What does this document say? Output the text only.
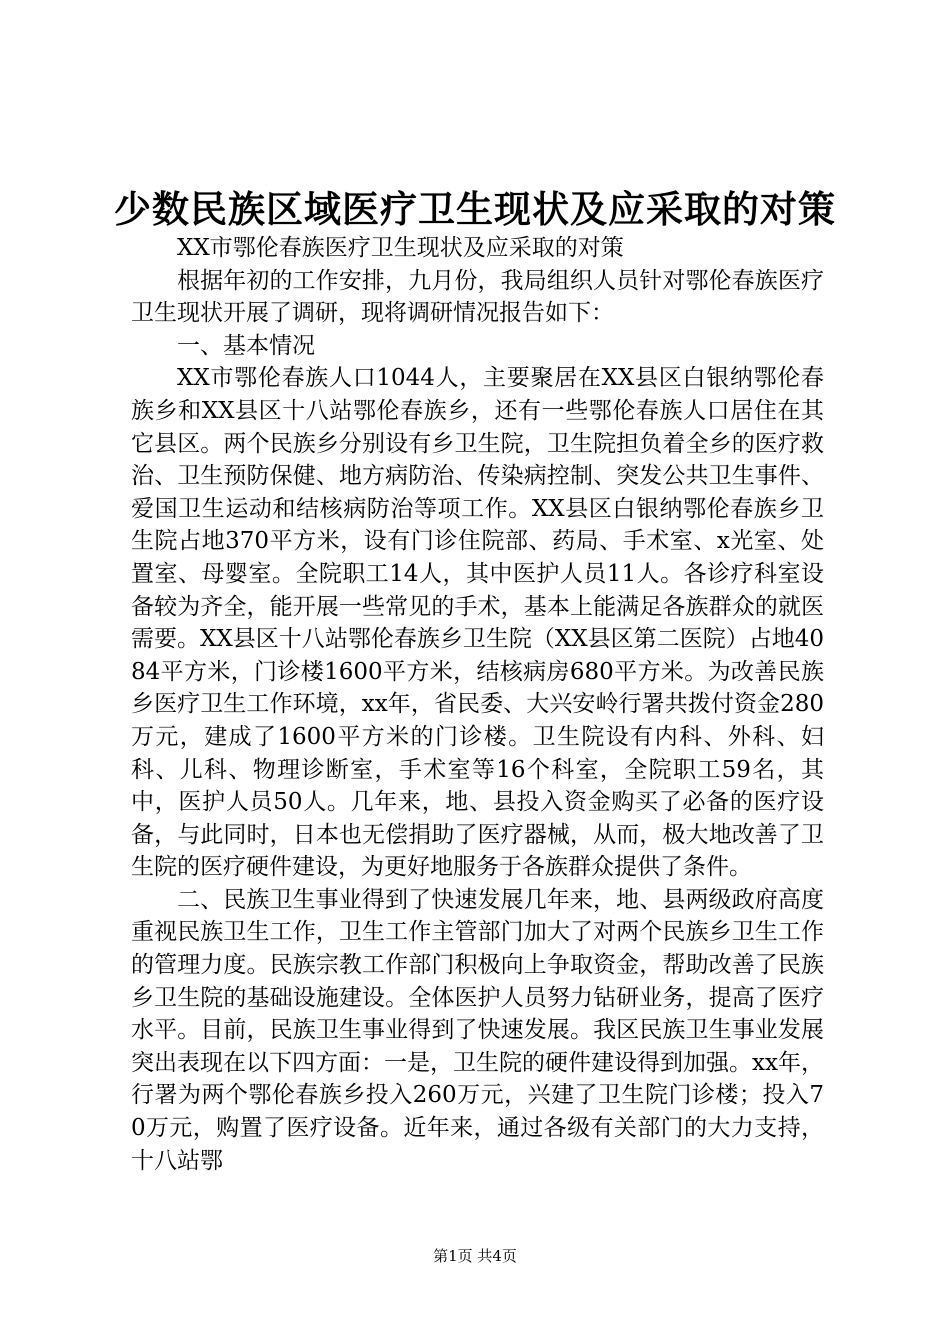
少数民族区域医疗卫生现状及应采取的对策

XX市鄂伦春族医疗卫生现状及应采取的对策

根据年初的工作安排，九月份，我局组织人员针对鄂伦春族医疗卫生现状开展了调研，现将调研情况报告如下：

一、基本情况

XX市鄂伦春族人口1044人，主要聚居在XX县区白银纳鄂伦春族乡和XX县区十八站鄂伦春族乡，还有一些鄂伦春族人口居住在其它县区。两个民族乡分别设有乡卫生院，卫生院担负着全乡的医疗救治、卫生预防保健、地方病防治、传染病控制、突发公共卫生事件、爱国卫生运动和结核病防治等项工作。XX县区白银纳鄂伦春族乡卫生院占地370平方米，设有门诊住院部、药局、手术室、x光室、处置室、母婴室。全院职工14人，其中医护人员11人。各诊疗科室设备较为齐全，能开展一些常见的手术，基本上能满足各族群众的就医需要。XX县区十八站鄂伦春族乡卫生院（XX县区第二医院）占地4084平方米，门诊楼1600平方米，结核病房680平方米。为改善民族乡医疗卫生工作环境，xx年，省民委、大兴安岭行署共拨付资金280万元，建成了1600平方米的门诊楼。卫生院设有内科、外科、妇科、儿科、物理诊断室，手术室等16个科室，全院职工59名，其中，医护人员50人。几年来，地、县投入资金购买了必备的医疗设备，与此同时，日本也无偿捐助了医疗器械，从而，极大地改善了卫生院的医疗硬件建设，为更好地服务于各族群众提供了条件。

二、民族卫生事业得到了快速发展几年来，地、县两级政府高度重视民族卫生工作，卫生工作主管部门加大了对两个民族乡卫生工作的管理力度。民族宗教工作部门积极向上争取资金，帮助改善了民族乡卫生院的基础设施建设。全体医护人员努力钻研业务，提高了医疗水平。目前，民族卫生事业得到了快速发展。我区民族卫生事业发展突出表现在以下四方面：一是，卫生院的硬件建设得到加强。xx年，行署为两个鄂伦春族乡投入260万元，兴建了卫生院门诊楼；投入70万元，购置了医疗设备。近年来，通过各级有关部门的大力支持，十八站鄂

第1页 共4页
